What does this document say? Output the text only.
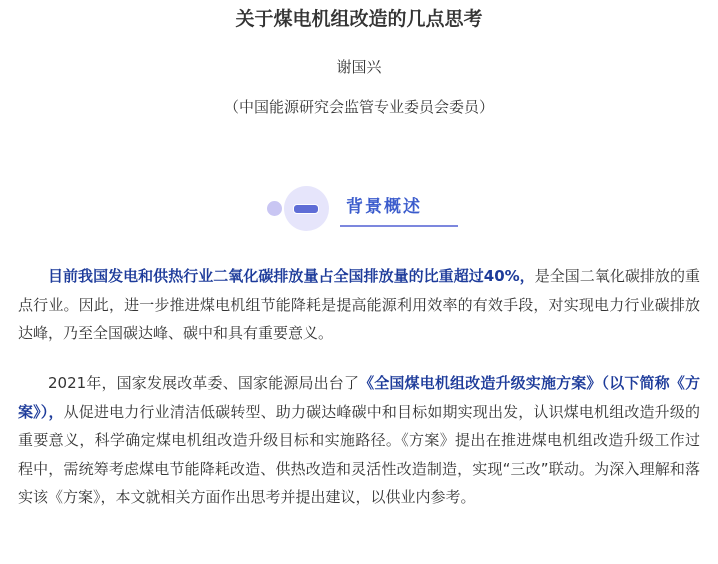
关于煤电机组改造的几点思考
谢国兴
（中国能源研究会监管专业委员会委员）
背景概述

目前我国发电和供热行业二氧化碳排放量占全国排放量的比重超过40%，是全国二氧化碳排放的重点行业。因此，进一步推进煤电机组节能降耗是提高能源利用效率的有效手段，对实现电力行业碳排放达峰，乃至全国碳达峰、碳中和具有重要意义。

2021年，国家发展改革委、国家能源局出台了《全国煤电机组改造升级实施方案》（以下简称《方案》），从促进电力行业清洁低碳转型、助力碳达峰碳中和目标如期实现出发，认识煤电机组改造升级的重要意义，科学确定煤电机组改造升级目标和实施路径。《方案》提出在推进煤电机组改造升级工作过程中，需统筹考虑煤电节能降耗改造、供热改造和灵活性改造制造，实现“三改”联动。为深入理解和落实该《方案》，本文就相关方面作出思考并提出建议，以供业内参考。
